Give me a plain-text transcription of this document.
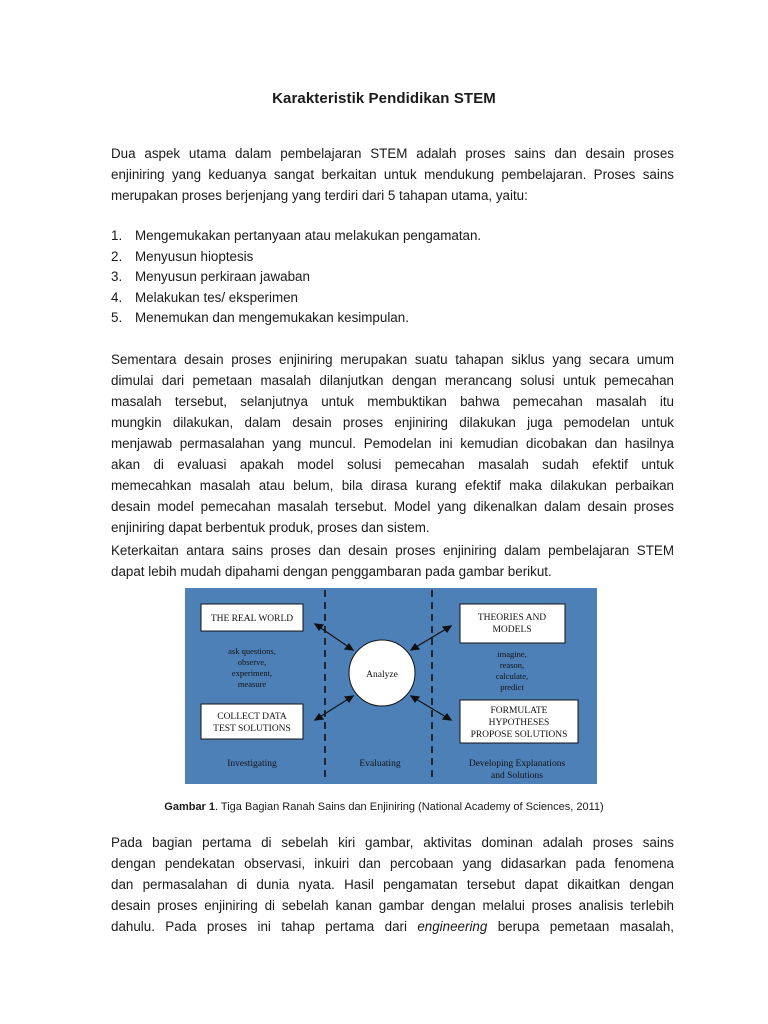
Karakteristik Pendidikan STEM
Dua aspek utama dalam pembelajaran STEM adalah proses sains dan desain proses
enjiniring yang keduanya sangat berkaitan untuk mendukung pembelajaran. Proses sains
merupakan proses berjenjang yang terdiri dari 5 tahapan utama, yaitu:
1. Mengemukakan pertanyaan atau melakukan pengamatan.
2. Menyusun hioptesis
3. Menyusun perkiraan jawaban
4. Melakukan tes/ eksperimen
5. Menemukan dan mengemukakan kesimpulan.
Sementara desain proses enjiniring merupakan suatu tahapan siklus yang secara umum
dimulai dari pemetaan masalah dilanjutkan dengan merancang solusi untuk pemecahan
masalah tersebut, selanjutnya untuk membuktikan bahwa pemecahan masalah itu
mungkin dilakukan, dalam desain proses enjiniring dilakukan juga pemodelan untuk
menjawab permasalahan yang muncul. Pemodelan ini kemudian dicobakan dan hasilnya
akan di evaluasi apakah model solusi pemecahan masalah sudah efektif untuk
memecahkan masalah atau belum, bila dirasa kurang efektif maka dilakukan perbaikan
desain model pemecahan masalah tersebut. Model yang dikenalkan dalam desain proses
enjiniring dapat berbentuk produk, proses dan sistem.
Keterkaitan antara sains proses dan desain proses enjiniring dalam pembelajaran STEM
dapat lebih mudah dipahami dengan penggambaran pada gambar berikut.
THE REAL WORLD
ask questions,
observe,
experiment,
measure
COLLECT DATA
TEST SOLUTIONS
Investigating
Analyze
Evaluating
THEORIES AND
MODELS
imagine,
reason,
calculate,
predict
FORMULATE
HYPOTHESES
PROPOSE SOLUTIONS
Developing Explanations
and Solutions
Gambar 1. Tiga Bagian Ranah Sains dan Enjiniring (National Academy of Sciences, 2011)
Pada bagian pertama di sebelah kiri gambar, aktivitas dominan adalah proses sains
dengan pendekatan observasi, inkuiri dan percobaan yang didasarkan pada fenomena
dan permasalahan di dunia nyata. Hasil pengamatan tersebut dapat dikaitkan dengan
desain proses enjiniring di sebelah kanan gambar dengan melalui proses analisis terlebih
dahulu. Pada proses ini tahap pertama dari engineering berupa pemetaan masalah,
